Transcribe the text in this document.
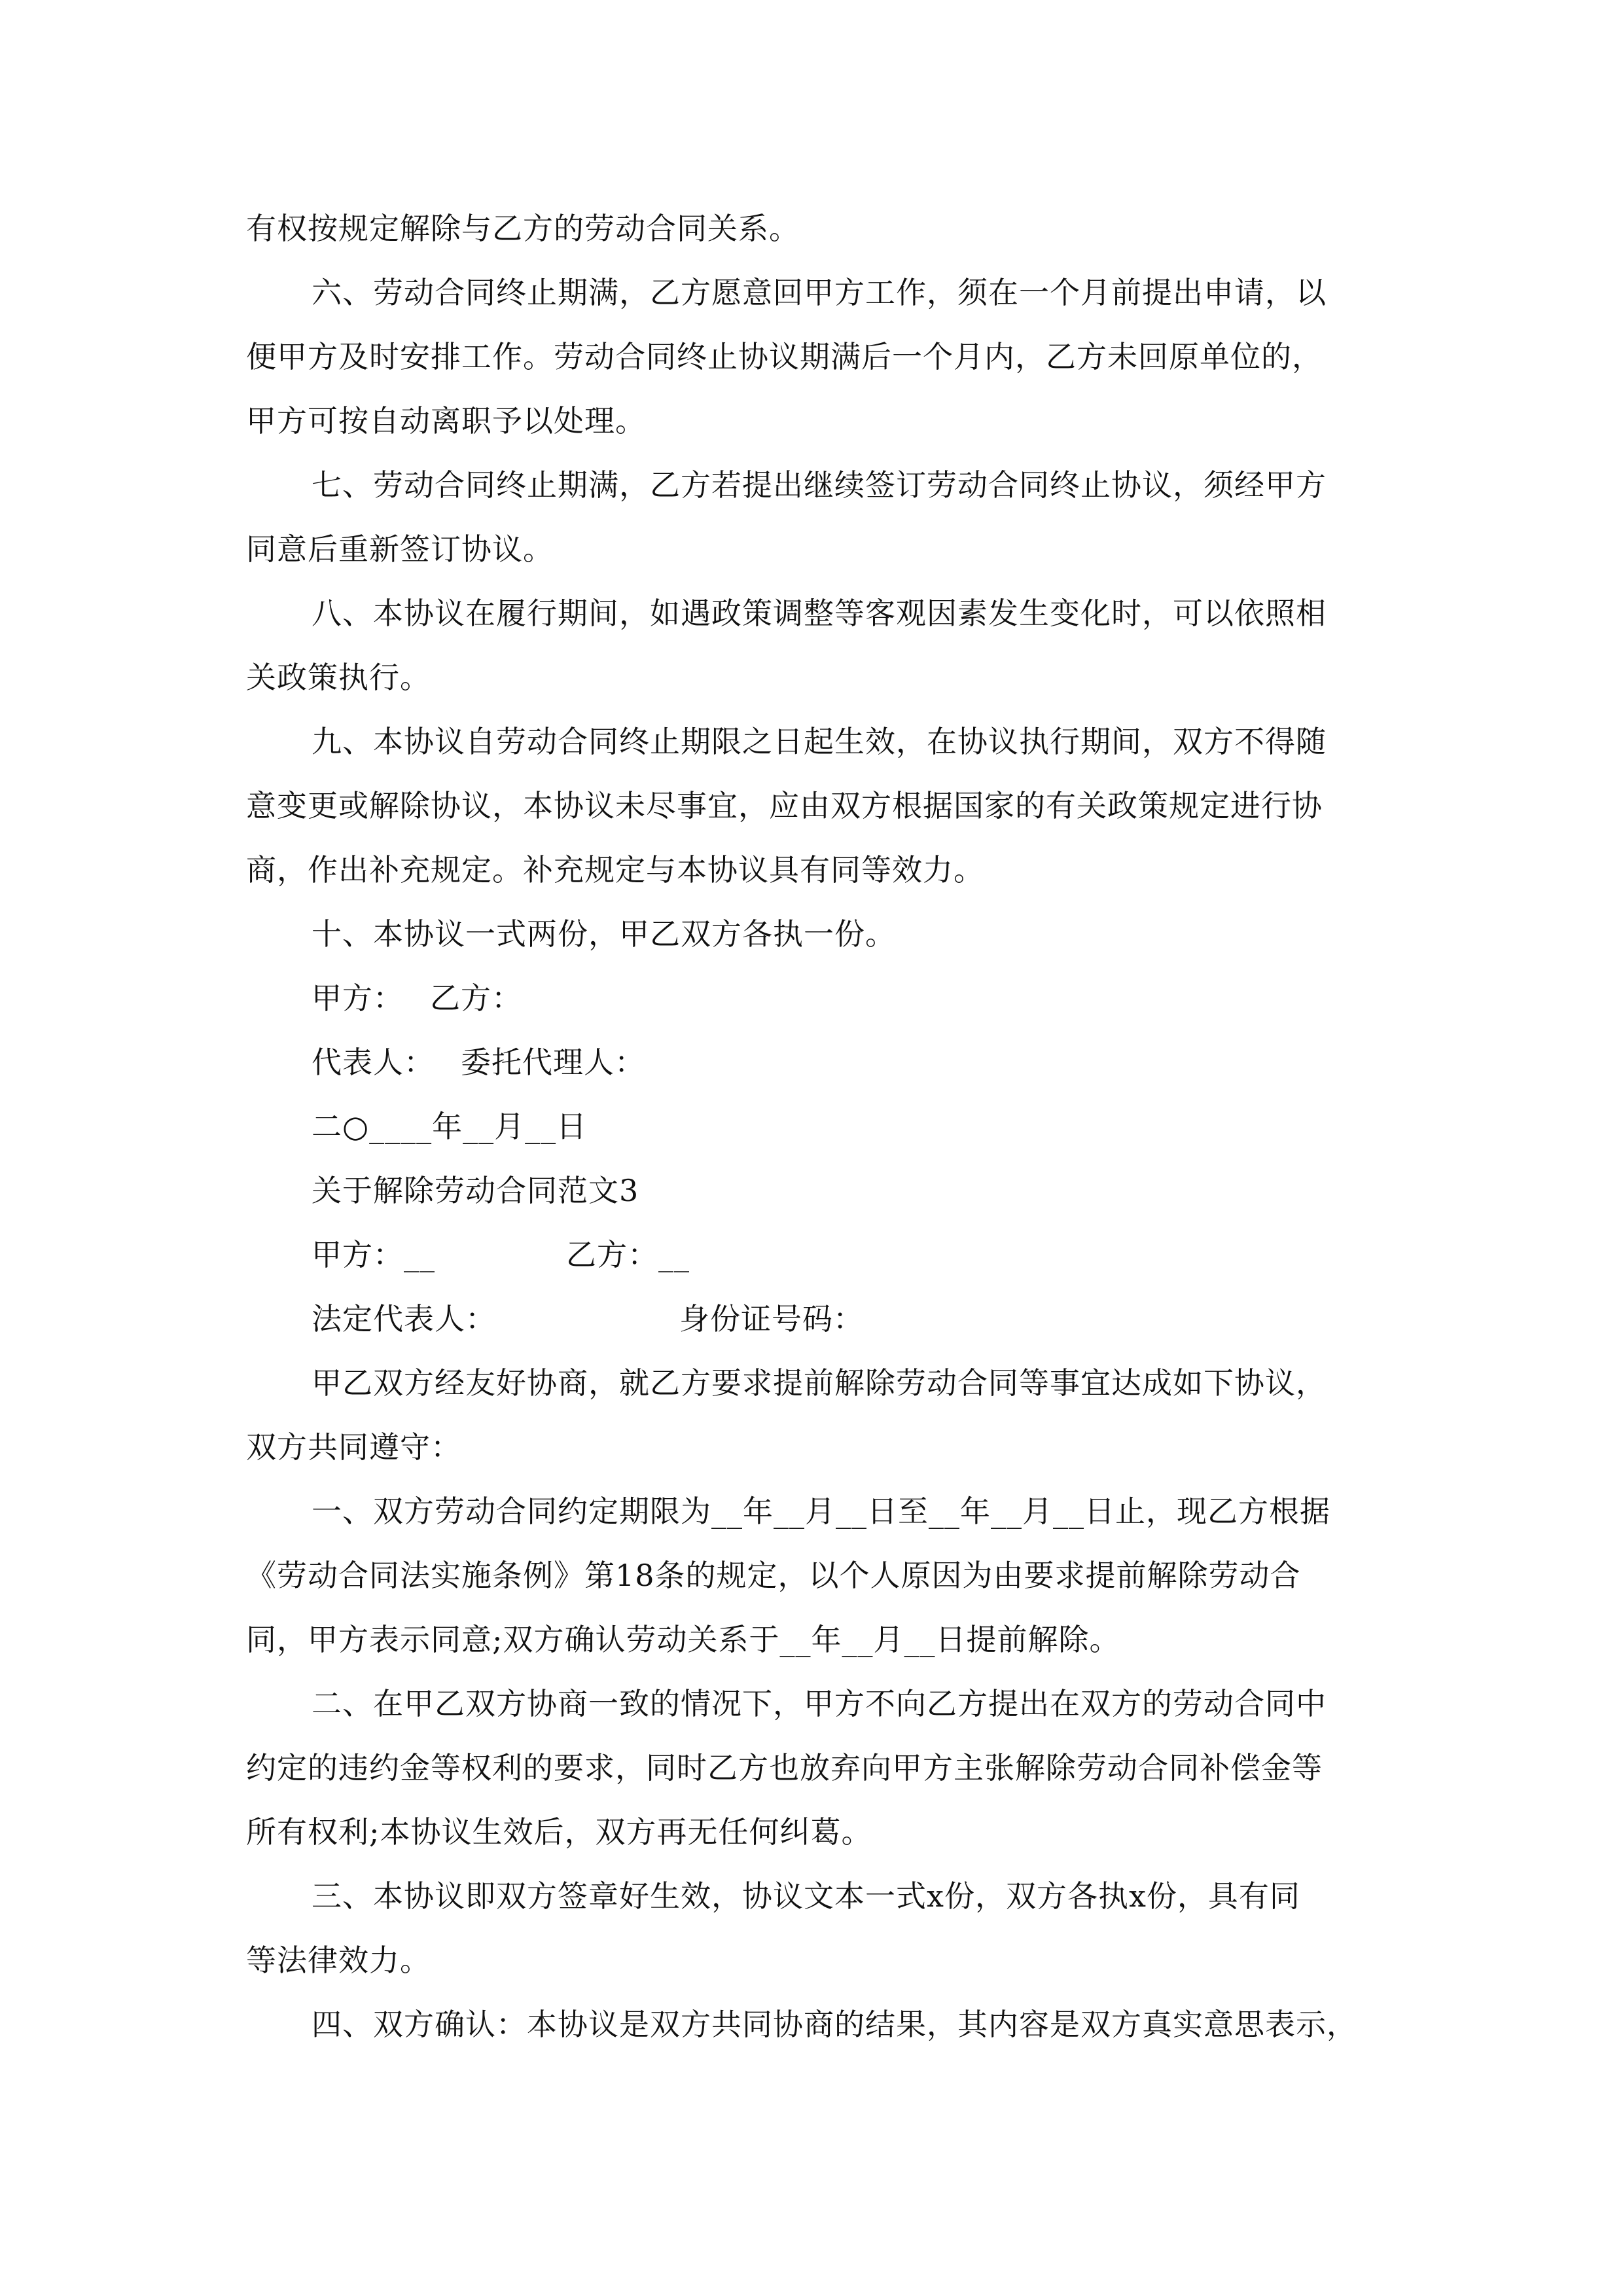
有权按规定解除与乙方的劳动合同关系。
六、劳动合同终止期满，乙方愿意回甲方工作，须在一个月前提出申请，以
便甲方及时安排工作。劳动合同终止协议期满后一个月内，乙方未回原单位的，
甲方可按自动离职予以处理。
七、劳动合同终止期满，乙方若提出继续签订劳动合同终止协议，须经甲方
同意后重新签订协议。
八、本协议在履行期间，如遇政策调整等客观因素发生变化时，可以依照相
关政策执行。
九、本协议自劳动合同终止期限之日起生效，在协议执行期间，双方不得随
意变更或解除协议，本协议未尽事宜，应由双方根据国家的有关政策规定进行协
商，作出补充规定。补充规定与本协议具有同等效力。
十、本协议一式两份，甲乙双方各执一份。
甲方： 乙方：
代表人： 委托代理人：
二○____年__月__日
关于解除劳动合同范文3
甲方：__	乙方：__
法定代表人：	身份证号码：
甲乙双方经友好协商，就乙方要求提前解除劳动合同等事宜达成如下协议，
双方共同遵守：
一、双方劳动合同约定期限为__年__月__日至__年__月__日止，现乙方根据
《劳动合同法实施条例》第18条的规定，以个人原因为由要求提前解除劳动合
同，甲方表示同意;双方确认劳动关系于__年__月__日提前解除。
二、在甲乙双方协商一致的情况下，甲方不向乙方提出在双方的劳动合同中
约定的违约金等权利的要求，同时乙方也放弃向甲方主张解除劳动合同补偿金等
所有权利;本协议生效后，双方再无任何纠葛。
三、本协议即双方签章好生效，协议文本一式x份，双方各执x份，具有同
等法律效力。
四、双方确认：本协议是双方共同协商的结果，其内容是双方真实意思表示，
